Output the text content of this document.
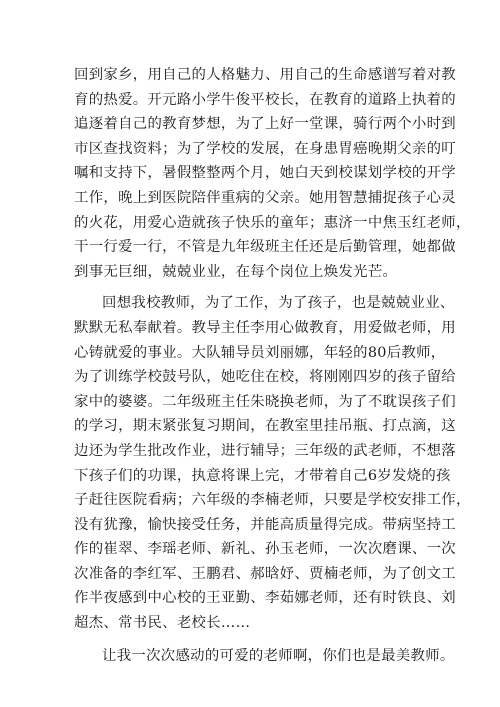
回到家乡，用自己的人格魅力、用自己的生命感谱写着对教
育的热爱。开元路小学牛俊平校长，在教育的道路上执着的
追逐着自己的教育梦想，为了上好一堂课，骑行两个小时到
市区查找资料；为了学校的发展，在身患胃癌晚期父亲的叮
嘱和支持下，暑假整整两个月，她白天到校谋划学校的开学
工作，晚上到医院陪伴重病的父亲。她用智慧捕捉孩子心灵
的火花，用爱心造就孩子快乐的童年；惠济一中焦玉红老师，
干一行爱一行，不管是九年级班主任还是后勤管理，她都做
到事无巨细，兢兢业业，在每个岗位上焕发光芒。
回想我校教师，为了工作，为了孩子，也是兢兢业业、
默默无私奉献着。教导主任李用心做教育，用爱做老师，用
心铸就爱的事业。大队辅导员刘丽娜，年轻的80后教师，
为了训练学校鼓号队，她吃住在校，将刚刚四岁的孩子留给
家中的婆婆。二年级班主任朱晓换老师，为了不耽误孩子们
的学习，期末紧张复习期间，在教室里挂吊瓶、打点滴，这
边还为学生批改作业，进行辅导；三年级的武老师，不想落
下孩子们的功课，执意将课上完，才带着自己6岁发烧的孩
子赶往医院看病；六年级的李楠老师，只要是学校安排工作，
没有犹豫，愉快接受任务，并能高质量得完成。带病坚持工
作的崔翠、李瑶老师、新礼、孙玉老师，一次次磨课、一次
次准备的李红军、王鹏君、郝晗妤、贾楠老师，为了创文工
作半夜感到中心校的王亚勤、李茹娜老师，还有时铁良、刘
超杰、常书民、老校长……
让我一次次感动的可爱的老师啊，你们也是最美教师。
